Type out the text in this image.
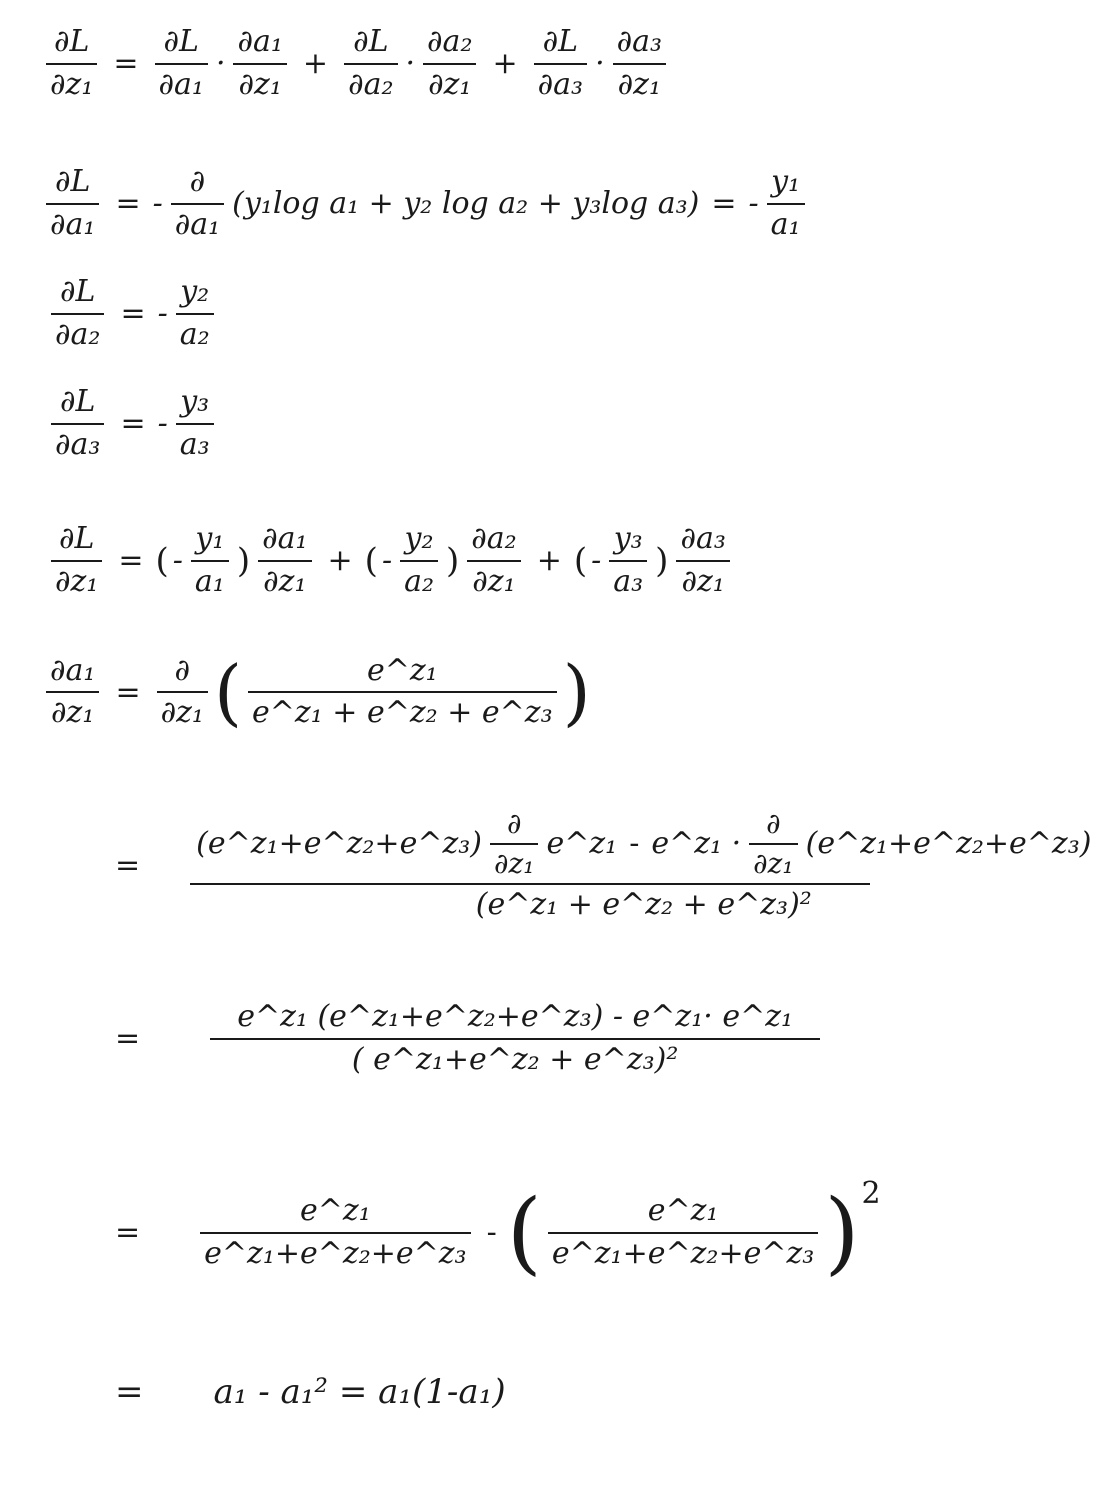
$\frac{\partial L}{\text{∂z₁}} = \frac{\partial L}{\text{∂a₁}} \cdot \frac{\text{∂a₁}}{\text{∂z₁}} + \frac{\partial L}{\text{∂a₂}} \cdot \frac{\text{∂a₂}}{\text{∂z₁}} + \frac{\partial L}{\text{∂a₃}} \cdot \frac{\text{∂a₃}}{\text{∂z₁}}$
$\frac{\partial L}{\text{∂a₁}}$ = - $\frac{\partial}{\text{∂a₁}} (y_1\log$ a₁ + y₂ log a₂ + y₃log a₃) = - $\frac{\text{y₁}}{\text{a₁}}$
$\frac{\partial L}{\text{∂a₂}}$ = - $\frac{\text{y₂}}{\text{a₂}}$
$\frac{\partial L}{\text{∂a₃}}$ = - $\frac{\text{y₃}}{\text{a₃}}$
$\frac{\partial L}{\text{∂z₁}}$ = ( - $\frac{\text{y₁}}{\text{a₁}}$ ) $\frac{\text{∂a₁}}{\text{∂z₁}}$ + ( - $\frac{\text{y₂}}{\text{a₂}}$ ) $\frac{\text{∂a₂}}{\text{∂z₁}}$ + ( - $\frac{\text{y₃}}{\text{a₃}}$ ) $\frac{\text{∂a₃}}{\text{∂z₁}}$
$\frac{\text{∂a₁}}{\text{∂z₁}} = \frac{\partial}{\text{∂z₁}}$ ( $\frac{\text{e\textasciicircum{}z₁}}{\text{e\textasciicircum{}z₁ + e\textasciicircum{}z₂ + e\textasciicircum{}z₃}}$ )
=
(e^z₁+e^z₂+e^z₃) $\frac{\partial}{\text{∂z₁}}$ e^z₁ - e^z₁ · $\frac{\partial}{\text{∂z₁}}$ (e^z₁+e^z₂+e^z₃)
(e^z₁ + e^z₂ + e^z₃)²
= $\frac{\text{e\textasciicircum{}z₁ (e\textasciicircum{}z₁+e\textasciicircum{}z₂+e\textasciicircum{}z₃) - e\textasciicircum{}z₁· e\textasciicircum{}z₁}}{\text{( e\textasciicircum{}z₁+e\textasciicircum{}z₂ + e\textasciicircum{}z₃)²}}$
= $\frac{\text{e\textasciicircum{}z₁}}{\text{e\textasciicircum{}z₁+e\textasciicircum{}z₂+e\textasciicircum{}z₃}}$ - ( $\frac{\text{e\textasciicircum{}z₁}}{\text{e\textasciicircum{}z₁+e\textasciicircum{}z₂+e\textasciicircum{}z₃}}$ ) 2
= a₁ - a₁² = a₁(1-a₁)
